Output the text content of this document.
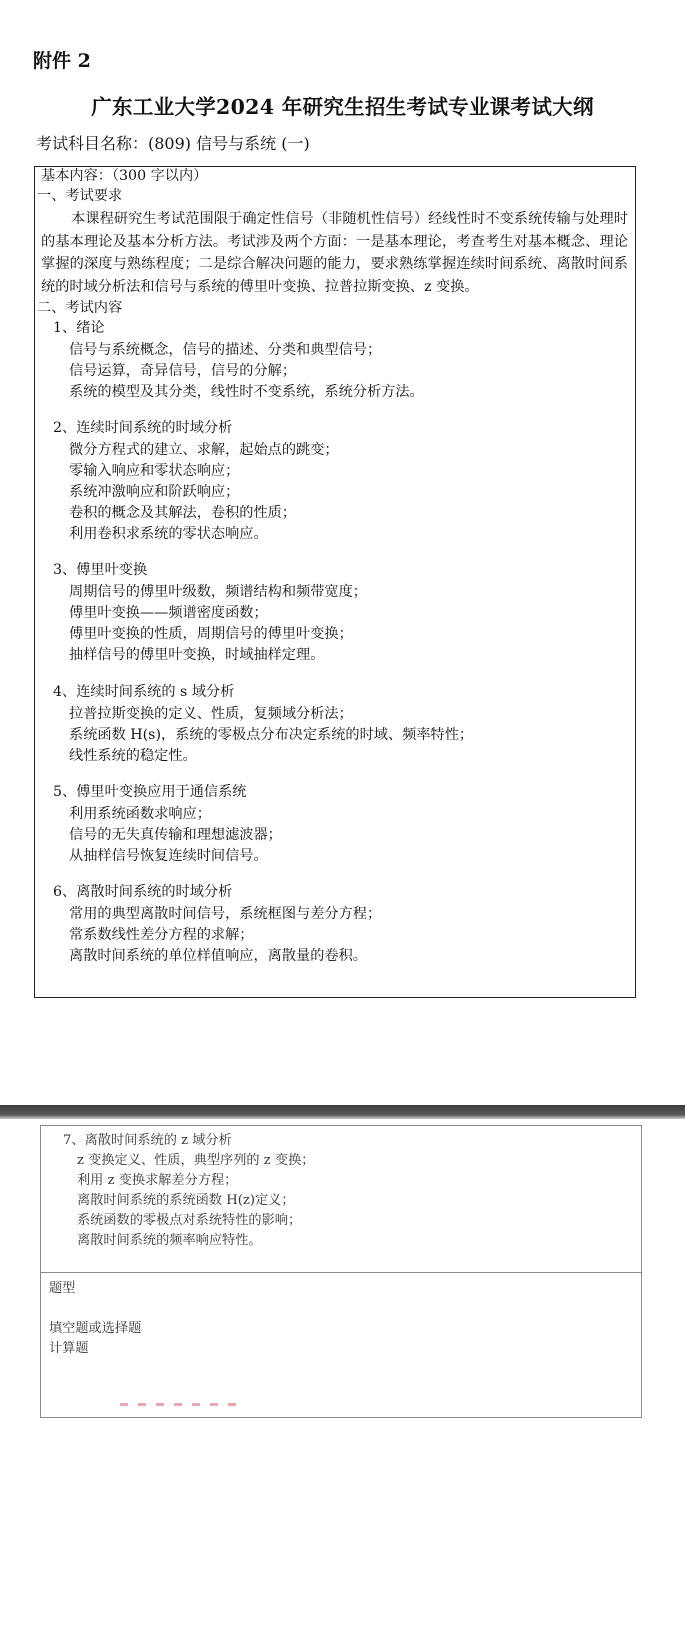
附件 2
广东工业大学2024 年研究生招生考试专业课考试大纲
考试科目名称：(809) 信号与系统 (一)
基本内容：（300 字以内）
一、考试要求
本课程研究生考试范围限于确定性信号（非随机性信号）经线性时不变系统传输与处理时的基本理论及基本分析方法。考试涉及两个方面：一是基本理论，考查考生对基本概念、理论掌握的深度与熟练程度；二是综合解决问题的能力，要求熟练掌握连续时间系统、离散时间系统的时域分析法和信号与系统的傅里叶变换、拉普拉斯变换、z 变换。
二、考试内容
1、绪论
信号与系统概念，信号的描述、分类和典型信号；
信号运算，奇异信号，信号的分解；
系统的模型及其分类，线性时不变系统，系统分析方法。
2、连续时间系统的时域分析
微分方程式的建立、求解，起始点的跳变；
零输入响应和零状态响应；
系统冲激响应和阶跃响应；
卷积的概念及其解法，卷积的性质；
利用卷积求系统的零状态响应。
3、傅里叶变换
周期信号的傅里叶级数，频谱结构和频带宽度；
傅里叶变换——频谱密度函数；
傅里叶变换的性质，周期信号的傅里叶变换；
抽样信号的傅里叶变换，时域抽样定理。
4、连续时间系统的 s 域分析
拉普拉斯变换的定义、性质，复频域分析法；
系统函数 H(s)，系统的零极点分布决定系统的时域、频率特性；
线性系统的稳定性。
5、傅里叶变换应用于通信系统
利用系统函数求响应；
信号的无失真传输和理想滤波器；
从抽样信号恢复连续时间信号。
6、离散时间系统的时域分析
常用的典型离散时间信号，系统框图与差分方程；
常系数线性差分方程的求解；
离散时间系统的单位样值响应，离散量的卷积。
7、离散时间系统的 z 域分析
z 变换定义、性质，典型序列的 z 变换；
利用 z 变换求解差分方程；
离散时间系统的系统函数 H(z)定义；
系统函数的零极点对系统特性的影响；
离散时间系统的频率响应特性。
题型
填空题或选择题
计算题
